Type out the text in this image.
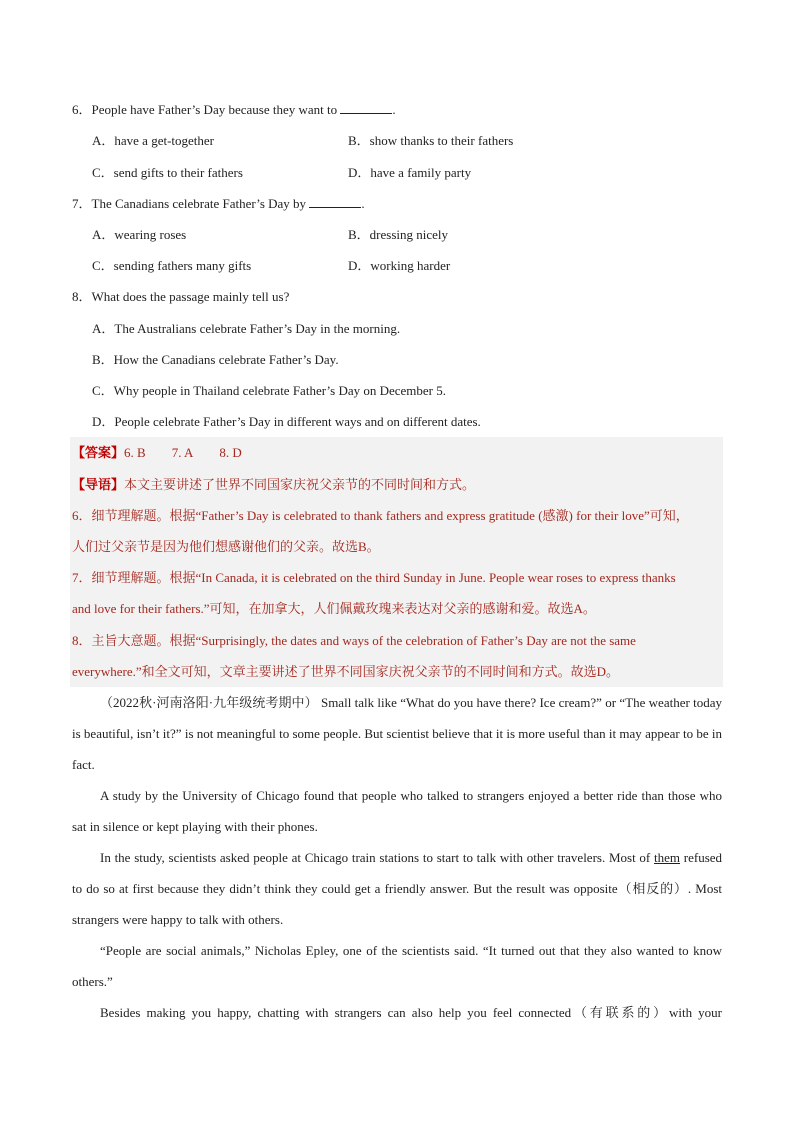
6．People have Father’s Day because they want to	.
A．have a get-together	B．show thanks to their fathers
C．send gifts to their fathers	D．have a family party
7．The Canadians celebrate Father’s Day by	.
A．wearing roses	B．dressing nicely
C．sending fathers many gifts	D．working harder
8．What does the passage mainly tell us?
A．The Australians celebrate Father’s Day in the morning.
B．How the Canadians celebrate Father’s Day.
C．Why people in Thailand celebrate Father’s Day on December 5.
D．People celebrate Father’s Day in different ways and on different dates.
【答案】6. B 7. A 8. D
【导语】本文主要讲述了世界不同国家庆祝父亲节的不同时间和方式。
6．细节理解题。根据“Father’s Day is celebrated to thank fathers and express gratitude (感激) for their love”可知，
人们过父亲节是因为他们想感谢他们的父亲。故选B。
7．细节理解题。根据“In Canada, it is celebrated on the third Sunday in June. People wear roses to express thanks
and love for their fathers.”可知，在加拿大，人们佩戴玫瑰来表达对父亲的感谢和爱。故选A。
8．主旨大意题。根据“Surprisingly, the dates and ways of the celebration of Father’s Day are not the same
everywhere.”和全文可知，文章主要讲述了世界不同国家庆祝父亲节的不同时间和方式。故选D。

（2022秋·河南洛阳·九年级统考期中） Small talk like “What do you have there? Ice cream?” or “The weather today is beautiful, isn’t it?” is not meaningful to some people. But scientist believe that it is more useful than it may appear to be in fact.

A study by the University of Chicago found that people who talked to strangers enjoyed a better ride than those who sat in silence or kept playing with their phones.

In the study, scientists asked people at Chicago train stations to start to talk with other travelers. Most of them refused to do so at first because they didn’t think they could get a friendly answer. But the result was opposite（相反的）. Most strangers were happy to talk with others.

“People are social animals,” Nicholas Epley, one of the scientists said. “It turned out that they also wanted to know others.”

Besides making you happy, chatting with strangers can also help you feel connected（有联系的）with your
